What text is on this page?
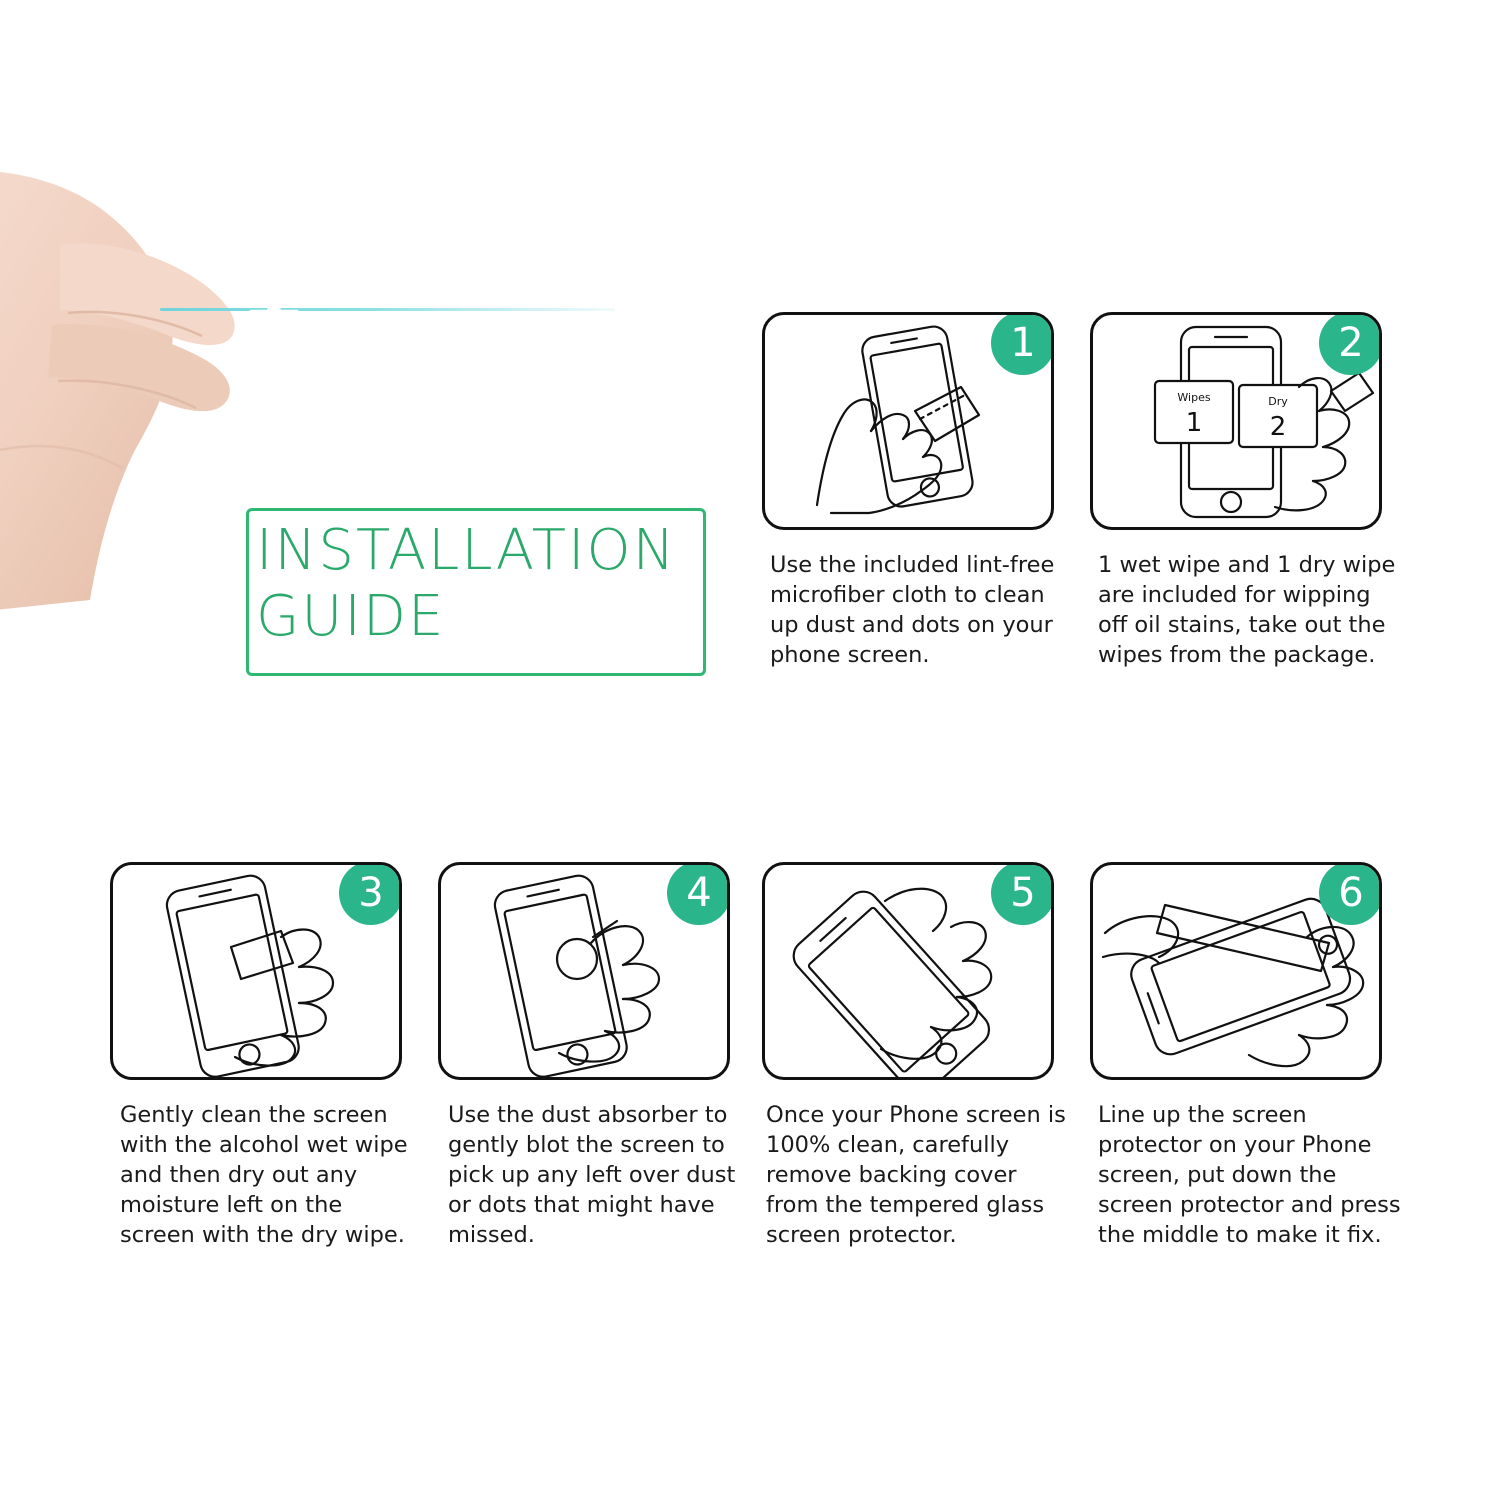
INSTALLATION
GUIDE
1
Use the included lint-free microfiber cloth to clean up dust and dots on your phone screen.
Wipes
1
Dry
2
2
1 wet wipe and 1 dry wipe are included for wipping off oil stains, take out the wipes from the package.
3
Gently clean the screen with the alcohol wet wipe and then dry out any moisture left on the screen with the dry wipe.
4
Use the dust absorber to gently blot the screen to pick up any left over dust or dots that might have missed.
5
Once your Phone screen is 100% clean, carefully remove backing cover from the tempered glass screen protector.
6
Line up the screen protector on your Phone screen, put down the screen protector and press the middle to make it fix.
